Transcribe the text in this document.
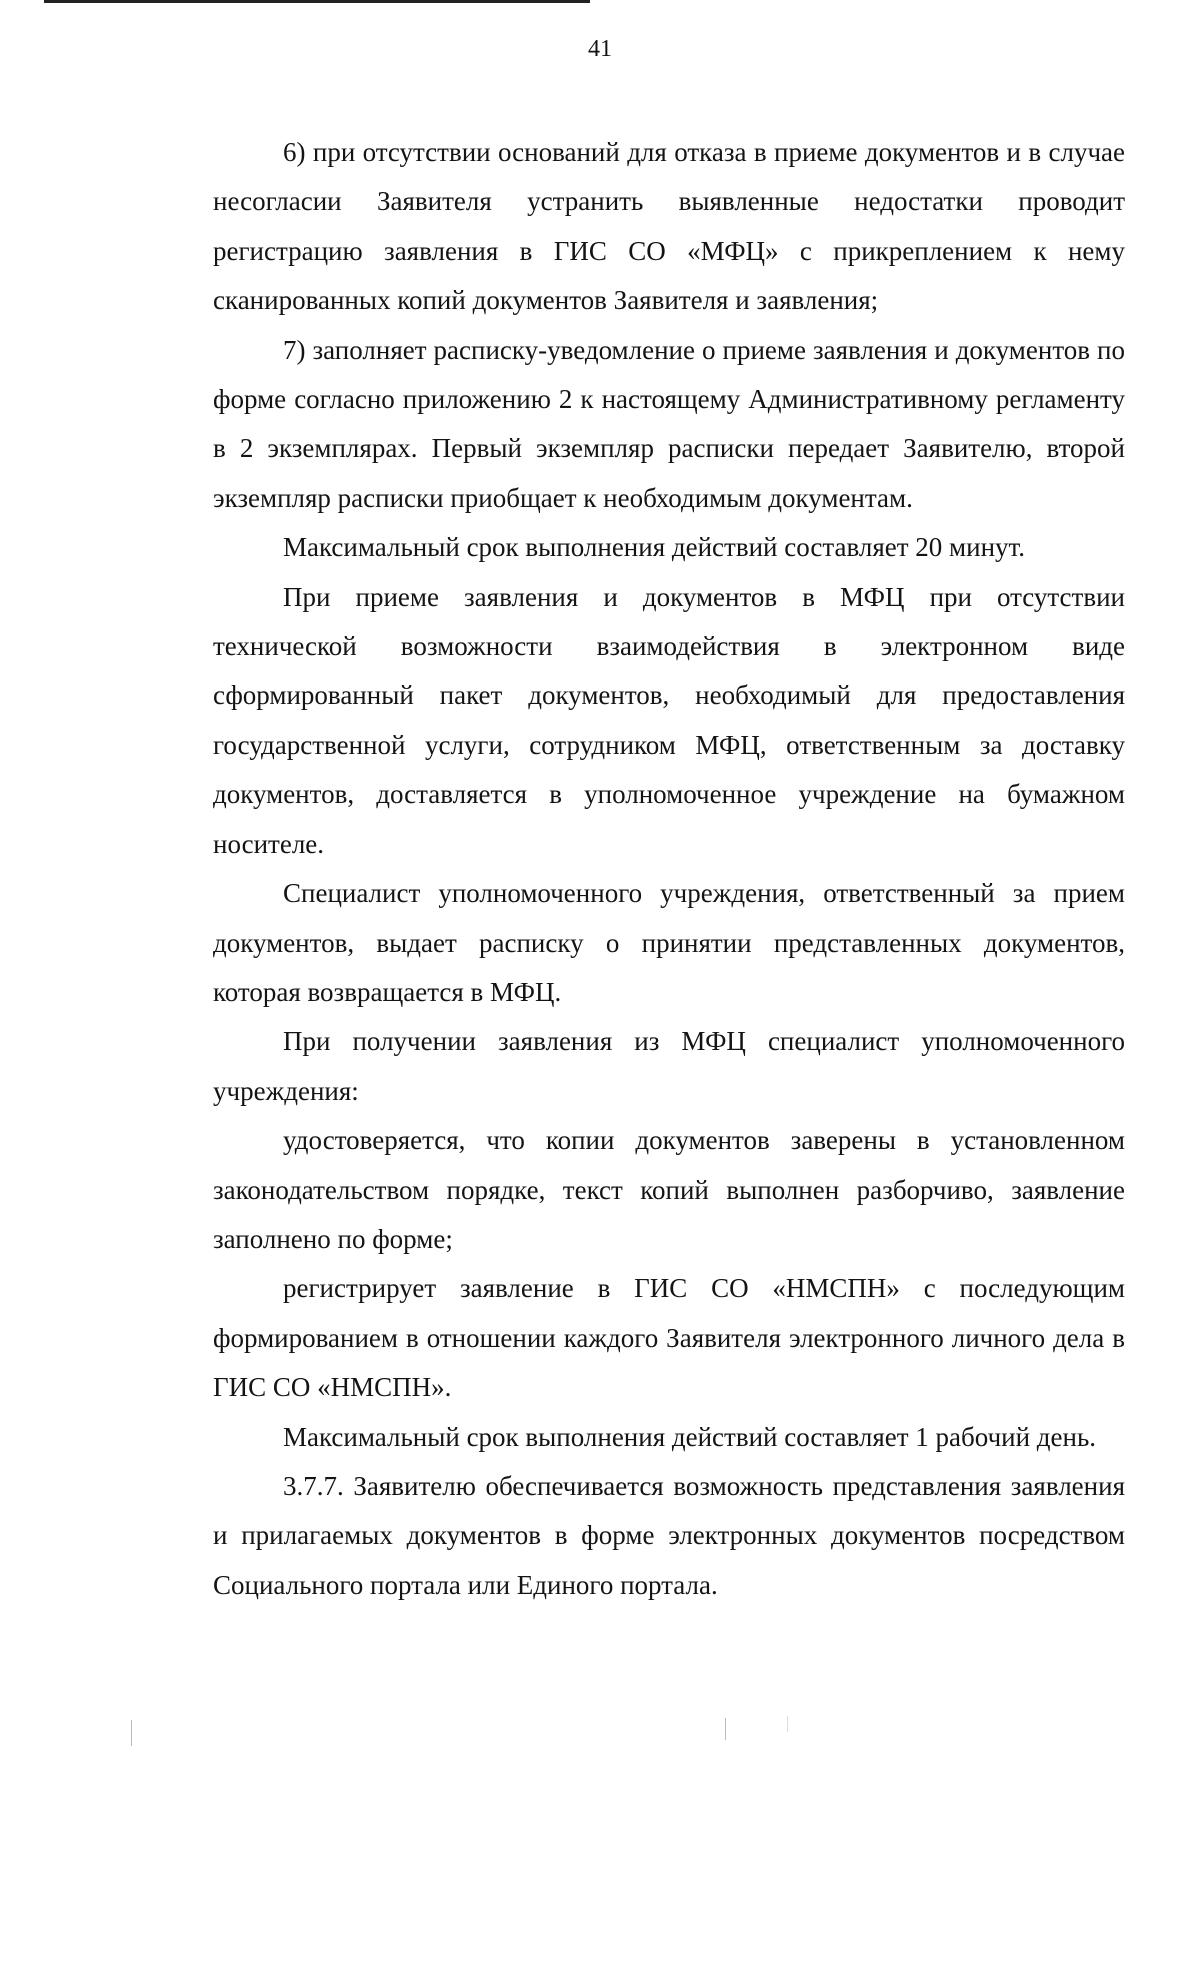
41

6) при отсутствии оснований для отказа в приеме документов и в случае несогласии Заявителя устранить выявленные недостатки проводит регистрацию заявления в ГИС СО «МФЦ» с прикреплением к нему сканированных копий документов Заявителя и заявления;

7) заполняет расписку-уведомление о приеме заявления и документов по форме согласно приложению 2 к настоящему Административному регламенту в 2 экземплярах. Первый экземпляр расписки передает Заявителю, второй экземпляр расписки приобщает к необходимым документам.

Максимальный срок выполнения действий составляет 20 минут.

При приеме заявления и документов в МФЦ при отсутствии технической возможности взаимодействия в электронном виде сформированный пакет документов, необходимый для предоставления государственной услуги, сотрудником МФЦ, ответственным за доставку документов, доставляется в уполномоченное учреждение на бумажном носителе.

Специалист уполномоченного учреждения, ответственный за прием документов, выдает расписку о принятии представленных документов, которая возвращается в МФЦ.

При получении заявления из МФЦ специалист уполномоченного учреждения:

удостоверяется, что копии документов заверены в установленном законодательством порядке, текст копий выполнен разборчиво, заявление заполнено по форме;

регистрирует заявление в ГИС СО «НМСПН» с последующим формированием в отношении каждого Заявителя электронного личного дела в ГИС СО «НМСПН».

Максимальный срок выполнения действий составляет 1 рабочий день.

3.7.7. Заявителю обеспечивается возможность представления заявления и прилагаемых документов в форме электронных документов посредством Социального портала или Единого портала.
